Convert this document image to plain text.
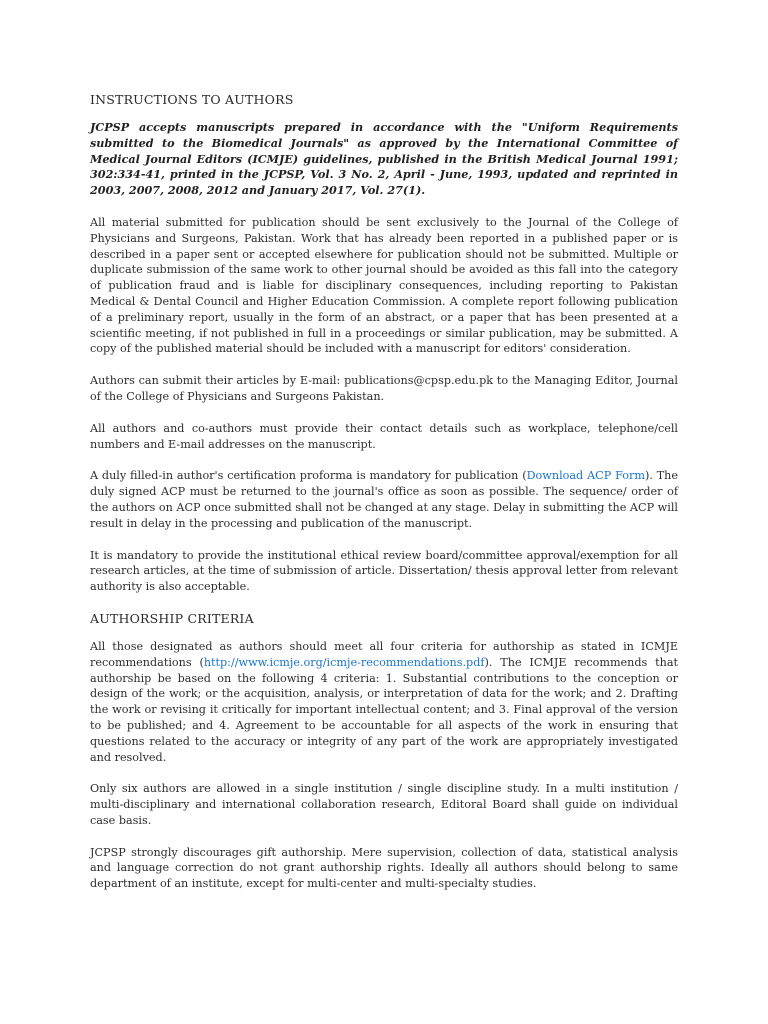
INSTRUCTIONS TO AUTHORS

JCPSP accepts manuscripts prepared in accordance with the "Uniform Requirements submitted to the Biomedical Journals" as approved by the International Committee of Medical Journal Editors (ICMJE) guidelines, published in the British Medical Journal 1991; 302:334-41, printed in the JCPSP, Vol. 3 No. 2, April - June, 1993, updated and reprinted in 2003, 2007, 2008, 2012 and January 2017, Vol. 27(1).

All material submitted for publication should be sent exclusively to the Journal of the College of Physicians and Surgeons, Pakistan. Work that has already been reported in a published paper or is described in a paper sent or accepted elsewhere for publication should not be submitted. Multiple or duplicate submission of the same work to other journal should be avoided as this fall into the category of publication fraud and is liable for disciplinary consequences, including reporting to Pakistan Medical & Dental Council and Higher Education Commission. A complete report following publication of a preliminary report, usually in the form of an abstract, or a paper that has been presented at a scientific meeting, if not published in full in a proceedings or similar publication, may be submitted. A copy of the published material should be included with a manuscript for editors' consideration.

Authors can submit their articles by E-mail: publications@cpsp.edu.pk to the Managing Editor, Journal of the College of Physicians and Surgeons Pakistan.

All authors and co-authors must provide their contact details such as workplace, telephone/cell numbers and E-mail addresses on the manuscript.

A duly filled-in author's certification proforma is mandatory for publication (Download ACP Form). The duly signed ACP must be returned to the journal's office as soon as possible. The sequence/ order of the authors on ACP once submitted shall not be changed at any stage. Delay in submitting the ACP will result in delay in the processing and publication of the manuscript.

It is mandatory to provide the institutional ethical review board/committee approval/exemption for all research articles, at the time of submission of article. Dissertation/ thesis approval letter from relevant authority is also acceptable.

AUTHORSHIP CRITERIA

All those designated as authors should meet all four criteria for authorship as stated in ICMJE recommendations (http://www.icmje.org/icmje-recommendations.pdf). The ICMJE recommends that authorship be based on the following 4 criteria: 1. Substantial contributions to the conception or design of the work; or the acquisition, analysis, or interpretation of data for the work; and 2. Drafting the work or revising it critically for important intellectual content; and 3. Final approval of the version to be published; and 4. Agreement to be accountable for all aspects of the work in ensuring that questions related to the accuracy or integrity of any part of the work are appropriately investigated and resolved.

Only six authors are allowed in a single institution / single discipline study. In a multi institution / multi-disciplinary and international collaboration research, Editoral Board shall guide on individual case basis.

JCPSP strongly discourages gift authorship. Mere supervision, collection of data, statistical analysis and language correction do not grant authorship rights. Ideally all authors should belong to same department of an institute, except for multi-center and multi-specialty studies.
